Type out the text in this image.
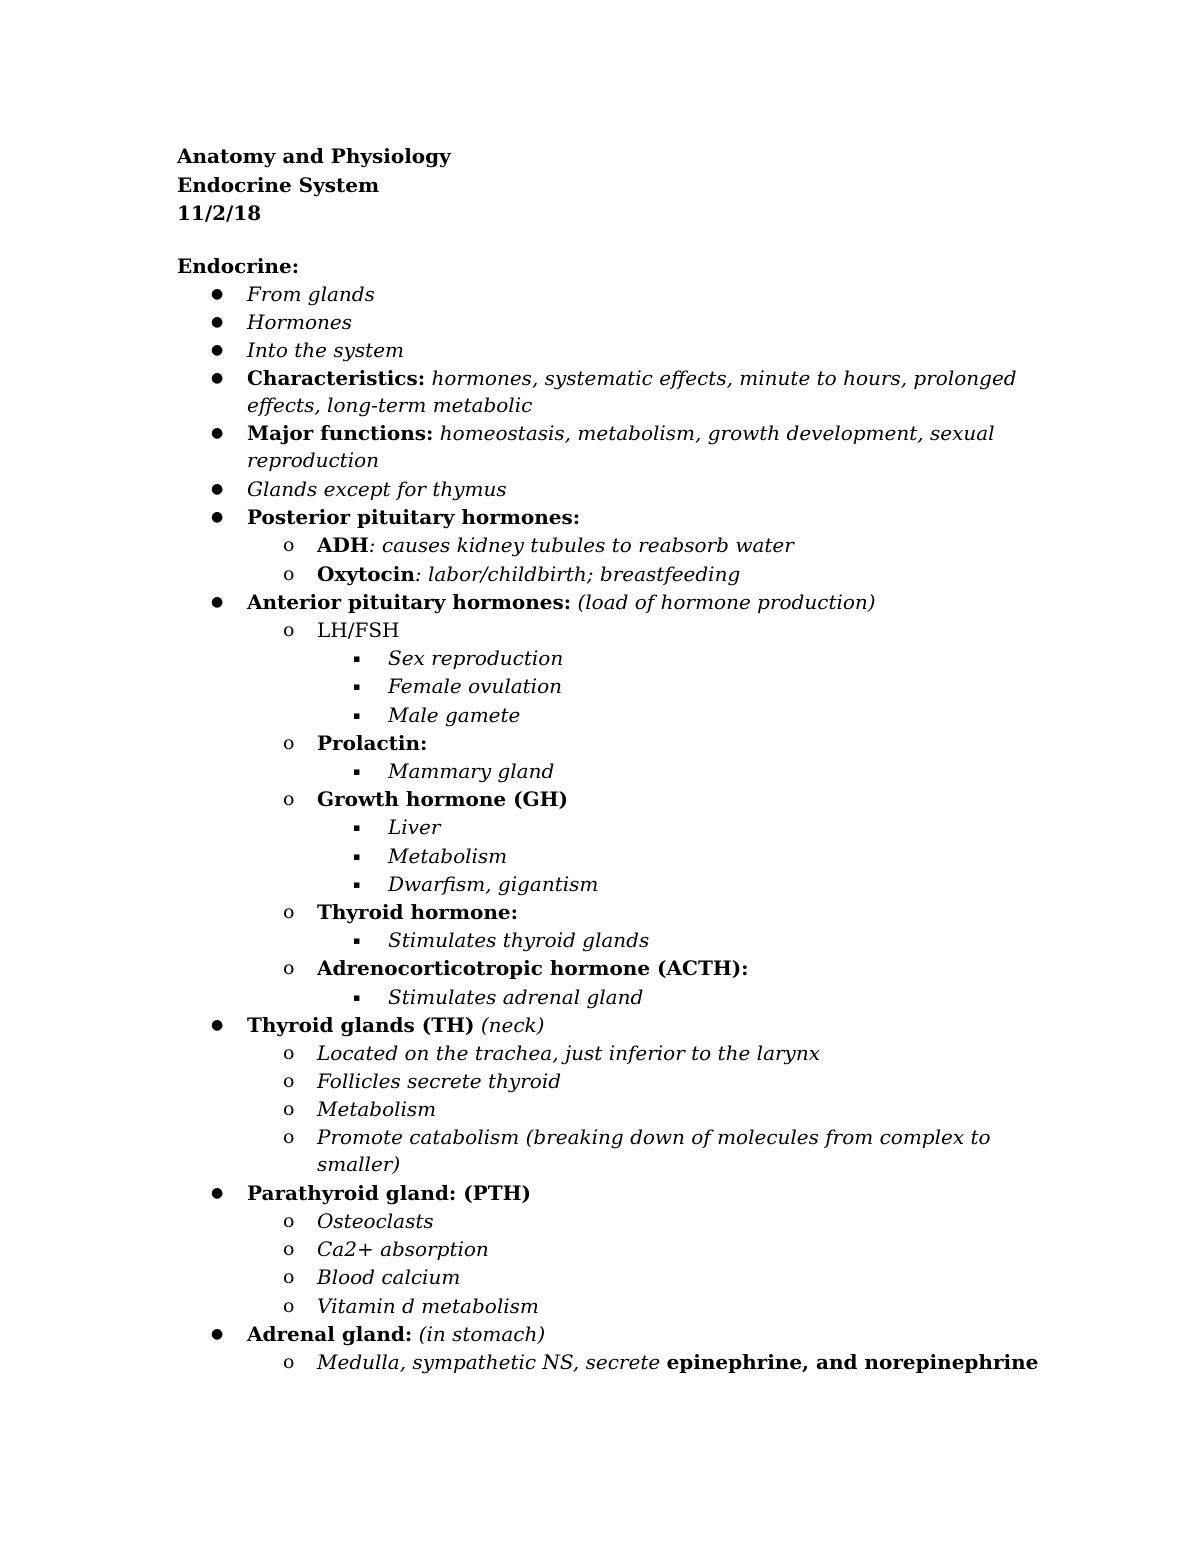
Anatomy and Physiology
Endocrine System
11/2/18
Endocrine:
● From glands
● Hormones
● Into the system
● Characteristics: hormones, systematic effects, minute to hours, prolonged effects, long-term metabolic
● Major functions: homeostasis, metabolism, growth development, sexual reproduction
● Glands except for thymus
● Posterior pituitary hormones:
o ADH: causes kidney tubules to reabsorb water
o Oxytocin: labor/childbirth; breastfeeding
● Anterior pituitary hormones: (load of hormone production)
o LH/FSH
▪ Sex reproduction
▪ Female ovulation
▪ Male gamete
o Prolactin:
▪ Mammary gland
o Growth hormone (GH)
▪ Liver
▪ Metabolism
▪ Dwarfism, gigantism
o Thyroid hormone:
▪ Stimulates thyroid glands
o Adrenocorticotropic hormone (ACTH):
▪ Stimulates adrenal gland
● Thyroid glands (TH) (neck)
o Located on the trachea, just inferior to the larynx
o Follicles secrete thyroid
o Metabolism
o Promote catabolism (breaking down of molecules from complex to smaller)
● Parathyroid gland: (PTH)
o Osteoclasts
o Ca2+ absorption
o Blood calcium
o Vitamin d metabolism
● Adrenal gland: (in stomach)
o Medulla, sympathetic NS, secrete epinephrine, and norepinephrine
